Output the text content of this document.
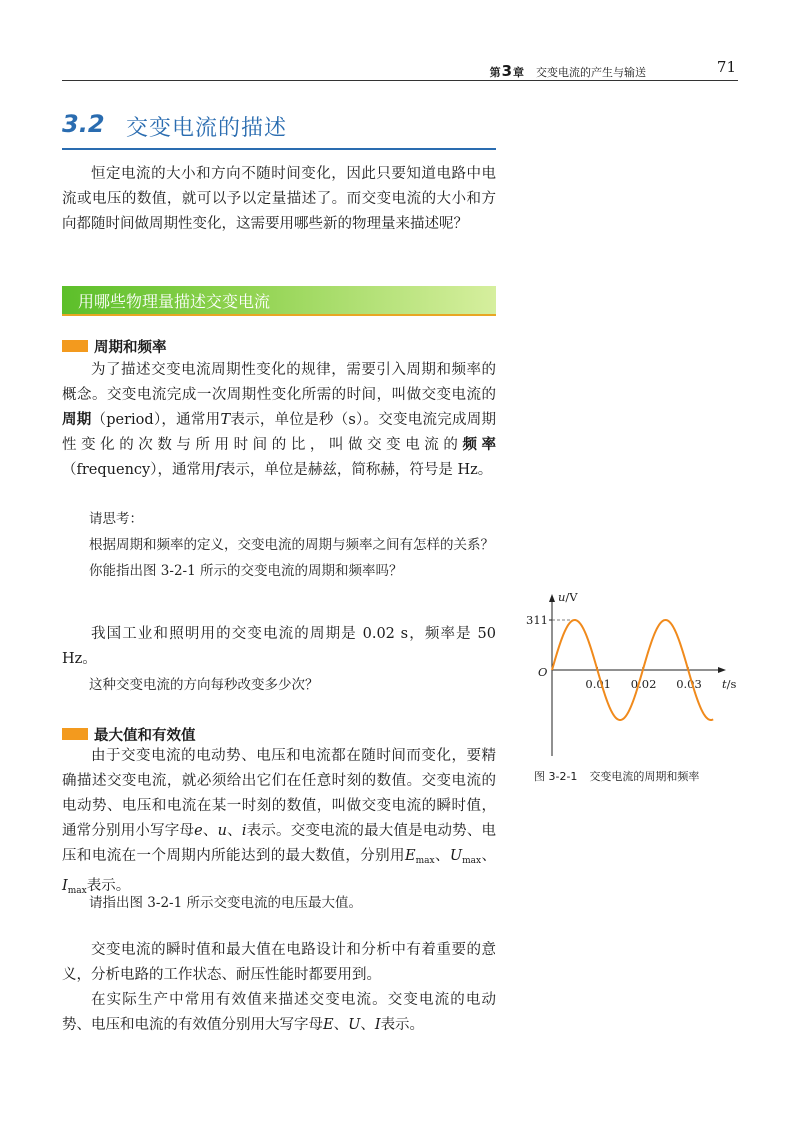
第3章 交变电流的产生与输送	71
3.2 交变电流的描述

恒定电流的大小和方向不随时间变化，因此只要知道电路中电流或电压的数值，就可以予以定量描述了。而交变电流的大小和方向都随时间做周期性变化，这需要用哪些新的物理量来描述呢？

用哪些物理量描述交变电流
周期和频率

为了描述交变电流周期性变化的规律，需要引入周期和频率的概念。交变电流完成一次周期性变化所需的时间，叫做交变电流的周期（period），通常用T表示，单位是秒（s）。交变电流完成周期性变化的次数与所用时间的比，叫做交变电流的频率（frequency），通常用f表示，单位是赫兹，简称赫，符号是 Hz。

请思考：

根据周期和频率的定义，交变电流的周期与频率之间有怎样的关系？

你能指出图 3-2-1 所示的交变电流的周期和频率吗？

我国工业和照明用的交变电流的周期是 0.02 s，频率是 50 Hz。

这种交变电流的方向每秒改变多少次？

最大值和有效值

由于交变电流的电动势、电压和电流都在随时间而变化，要精确描述交变电流，就必须给出它们在任意时刻的数值。交变电流的电动势、电压和电流在某一时刻的数值，叫做交变电流的瞬时值，通常分别用小写字母e、u、i表示。交变电流的最大值是电动势、电压和电流在一个周期内所能达到的最大数值，分别用$E_{max}$、$U_{max}$、$I_{max}$表示。

请指出图 3-2-1 所示交变电流的电压最大值。

交变电流的瞬时值和最大值在电路设计和分析中有着重要的意义，分析电路的工作状态、耐压性能时都要用到。

在实际生产中常用有效值来描述交变电流。交变电流的电动势、电压和电流的有效值分别用大写字母E、U、I表示。

u/V
t/s
O
311
0.01 0.02 0.03
图 3-2-1 交变电流的周期和频率
